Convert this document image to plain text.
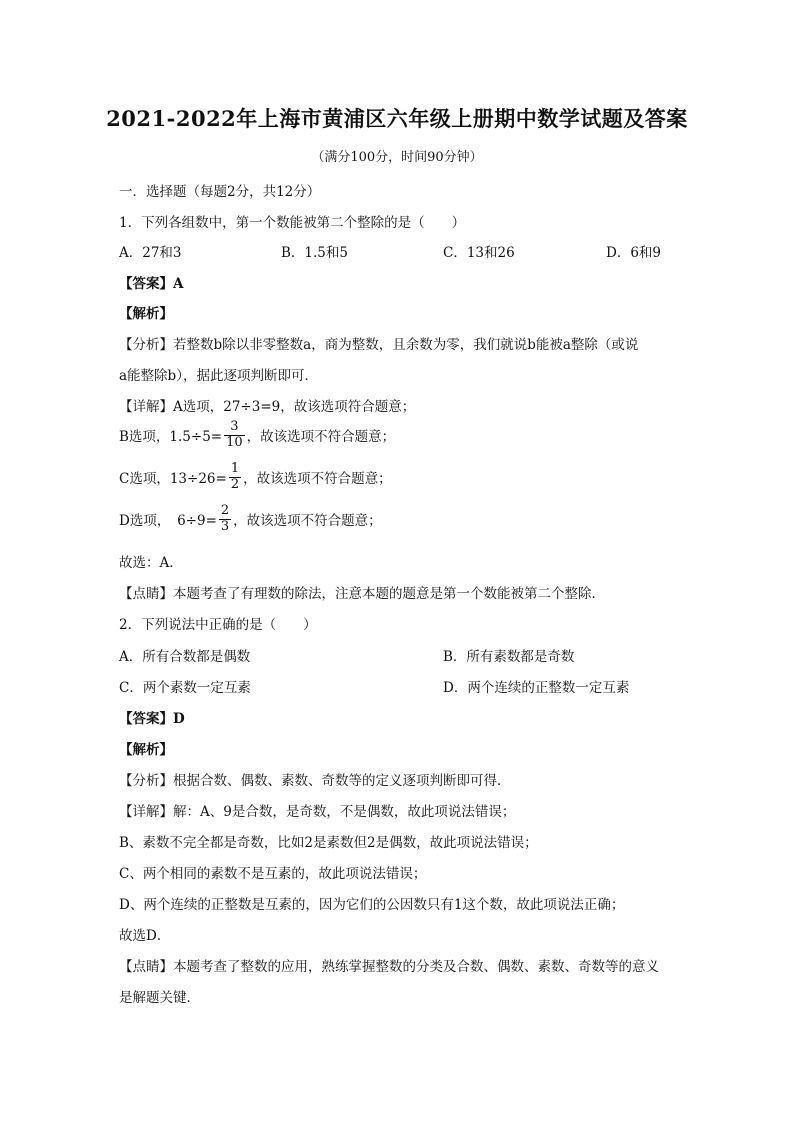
2021-2022年上海市黄浦区六年级上册期中数学试题及答案
（满分100分，时间90分钟）
一．选择题（每题2分，共12分）
1．下列各组数中，第一个数能被第二个整除的是（　　）
A．27和3	B．1.5和5	C．13和26	D．6和9
【答案】A
【解析】
【分析】若整数b除以非零整数a，商为整数，且余数为零，我们就说b能被a整除（或说
a能整除b），据此逐项判断即可．
【详解】A选项，27÷3=9，故该选项符合题意；
B选项，$1.5\div 5= \frac{3}{10}$ ，故该选项不符合题意；
C选项，$13\div 26= \frac{1}{2}$ ，故该选项不符合题意；
D选项，　$6\div 9= \frac{2}{3}$ ，故该选项不符合题意；
故选：A．
【点睛】本题考查了有理数的除法，注意本题的题意是第一个数能被第二个整除．
2．下列说法中正确的是（　　）
A．所有合数都是偶数	B．所有素数都是奇数
C．两个素数一定互素	D．两个连续的正整数一定互素
【答案】D
【解析】
【分析】根据合数、偶数、素数、奇数等的定义逐项判断即可得．
【详解】解：A、9是合数，是奇数，不是偶数，故此项说法错误；
B、素数不完全都是奇数，比如2是素数但2是偶数，故此项说法错误；
C、两个相同的素数不是互素的，故此项说法错误；
D、两个连续的正整数是互素的，因为它们的公因数只有1这个数，故此项说法正确；
故选D．
【点睛】本题考查了整数的应用，熟练掌握整数的分类及合数、偶数、素数、奇数等的意义
是解题关键．
